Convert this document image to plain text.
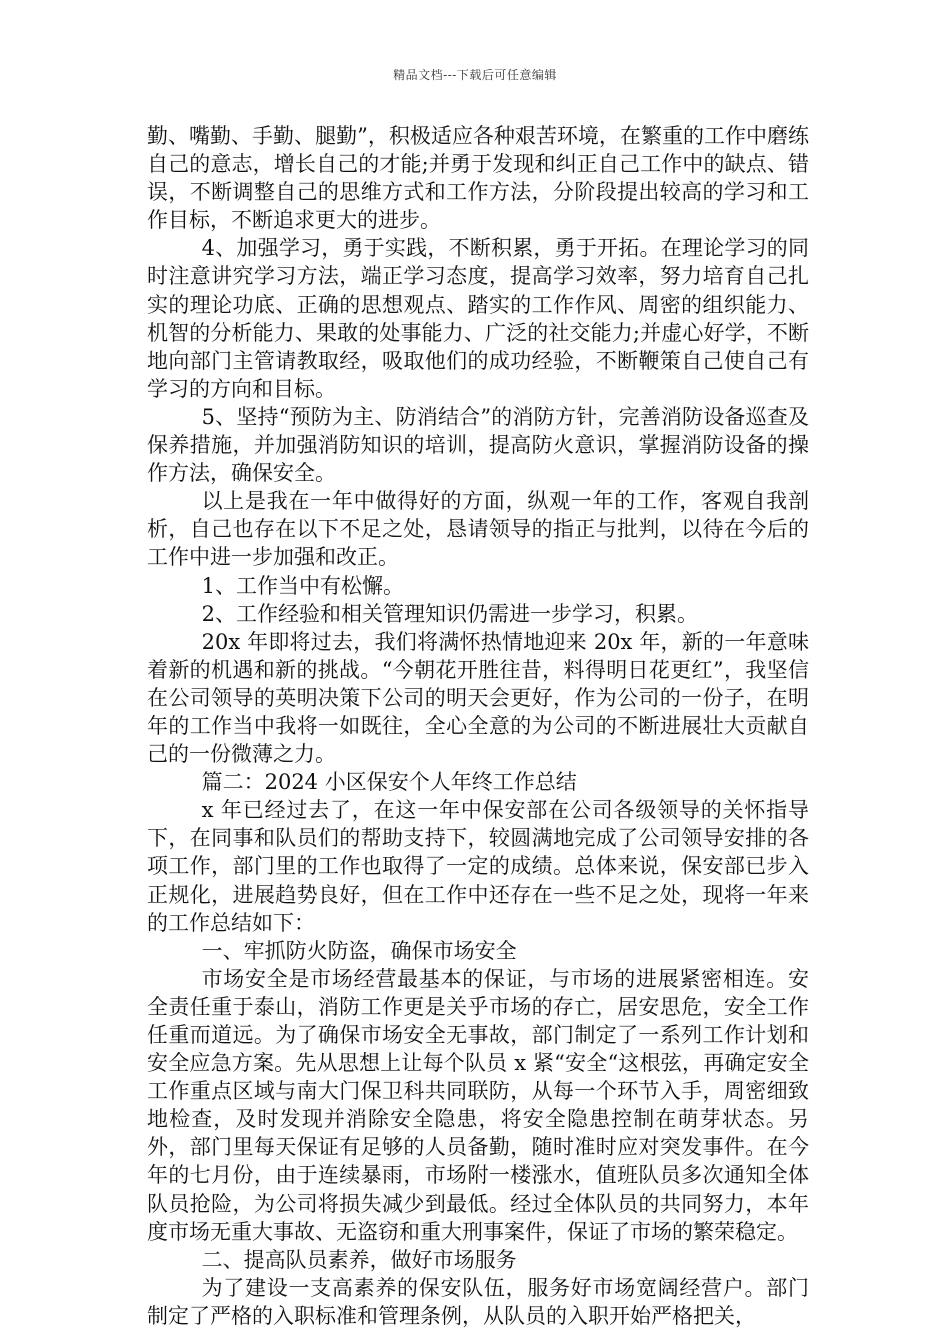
精品文档---下载后可任意编辑

勤、嘴勤、手勤、腿勤”，积极适应各种艰苦环境，在繁重的工作中磨练自己的意志，增长自己的才能;并勇于发现和纠正自己工作中的缺点、错误，不断调整自己的思维方式和工作方法，分阶段提出较高的学习和工作目标，不断追求更大的进步。

4、加强学习，勇于实践，不断积累，勇于开拓。在理论学习的同时注意讲究学习方法，端正学习态度，提高学习效率，努力培育自己扎实的理论功底、正确的思想观点、踏实的工作作风、周密的组织能力、机智的分析能力、果敢的处事能力、广泛的社交能力;并虚心好学，不断地向部门主管请教取经，吸取他们的成功经验，不断鞭策自己使自己有学习的方向和目标。

5、坚持“预防为主、防消结合”的消防方针，完善消防设备巡查及保养措施，并加强消防知识的培训，提高防火意识，掌握消防设备的操作方法，确保安全。

以上是我在一年中做得好的方面，纵观一年的工作，客观自我剖析，自己也存在以下不足之处，恳请领导的指正与批判，以待在今后的工作中进一步加强和改正。

1、工作当中有松懈。

2、工作经验和相关管理知识仍需进一步学习，积累。

20x 年即将过去，我们将满怀热情地迎来 20x 年，新的一年意味着新的机遇和新的挑战。“今朝花开胜往昔，料得明日花更红”，我坚信在公司领导的英明决策下公司的明天会更好，作为公司的一份子，在明年的工作当中我将一如既往，全心全意的为公司的不断进展壮大贡献自己的一份微薄之力。

篇二：2024 小区保安个人年终工作总结

x 年已经过去了，在这一年中保安部在公司各级领导的关怀指导下，在同事和队员们的帮助支持下，较圆满地完成了公司领导安排的各项工作，部门里的工作也取得了一定的成绩。总体来说，保安部已步入正规化，进展趋势良好，但在工作中还存在一些不足之处，现将一年来的工作总结如下：

一、牢抓防火防盗，确保市场安全

市场安全是市场经营最基本的保证，与市场的进展紧密相连。安全责任重于泰山，消防工作更是关乎市场的存亡，居安思危，安全工作任重而道远。为了确保市场安全无事故，部门制定了一系列工作计划和安全应急方案。先从思想上让每个队员 x 紧“安全“这根弦，再确定安全工作重点区域与南大门保卫科共同联防，从每一个环节入手，周密细致地检查，及时发现并消除安全隐患，将安全隐患控制在萌芽状态。另外，部门里每天保证有足够的人员备勤，随时准时应对突发事件。在今年的七月份，由于连续暴雨，市场附一楼涨水，值班队员多次通知全体队员抢险，为公司将损失减少到最低。经过全体队员的共同努力，本年度市场无重大事故、无盗窃和重大刑事案件，保证了市场的繁荣稳定。

二、提高队员素养，做好市场服务

为了建设一支高素养的保安队伍，服务好市场宽阔经营户。部门制定了严格的入职标准和管理条例，从队员的入职开始严格把关，
